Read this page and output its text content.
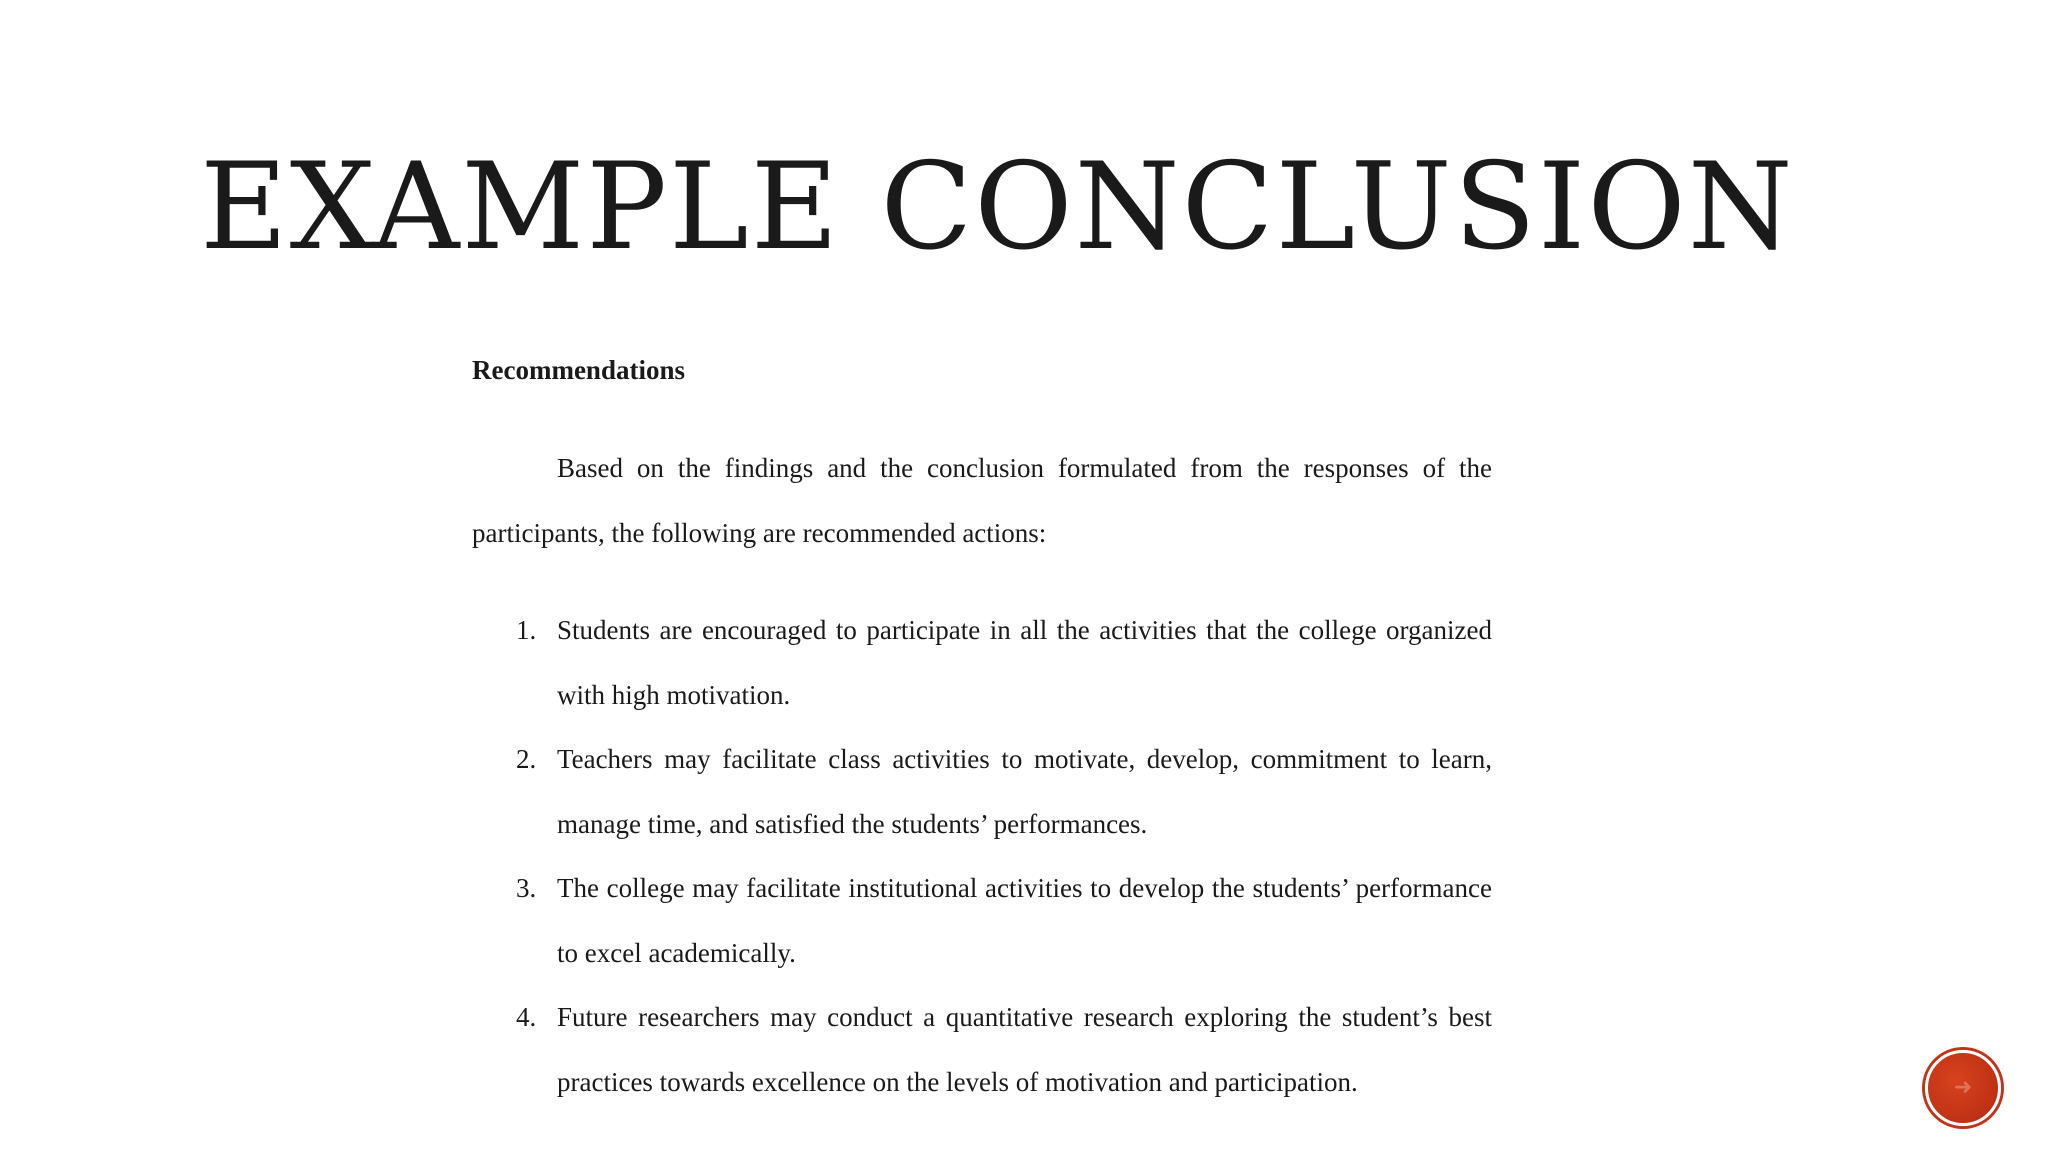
EXAMPLE CONCLUSION

Recommendations

Based on the findings and the conclusion formulated from the responses of the participants, the following are recommended actions:

1. Students are encouraged to participate in all the activities that the college organized with high motivation.
2. Teachers may facilitate class activities to motivate, develop, commitment to learn, manage time, and satisfied the students’ performances.
3. The college may facilitate institutional activities to develop the students’ performance to excel academically.
4. Future researchers may conduct a quantitative research exploring the student’s best practices towards excellence on the levels of motivation and participation.	➜
